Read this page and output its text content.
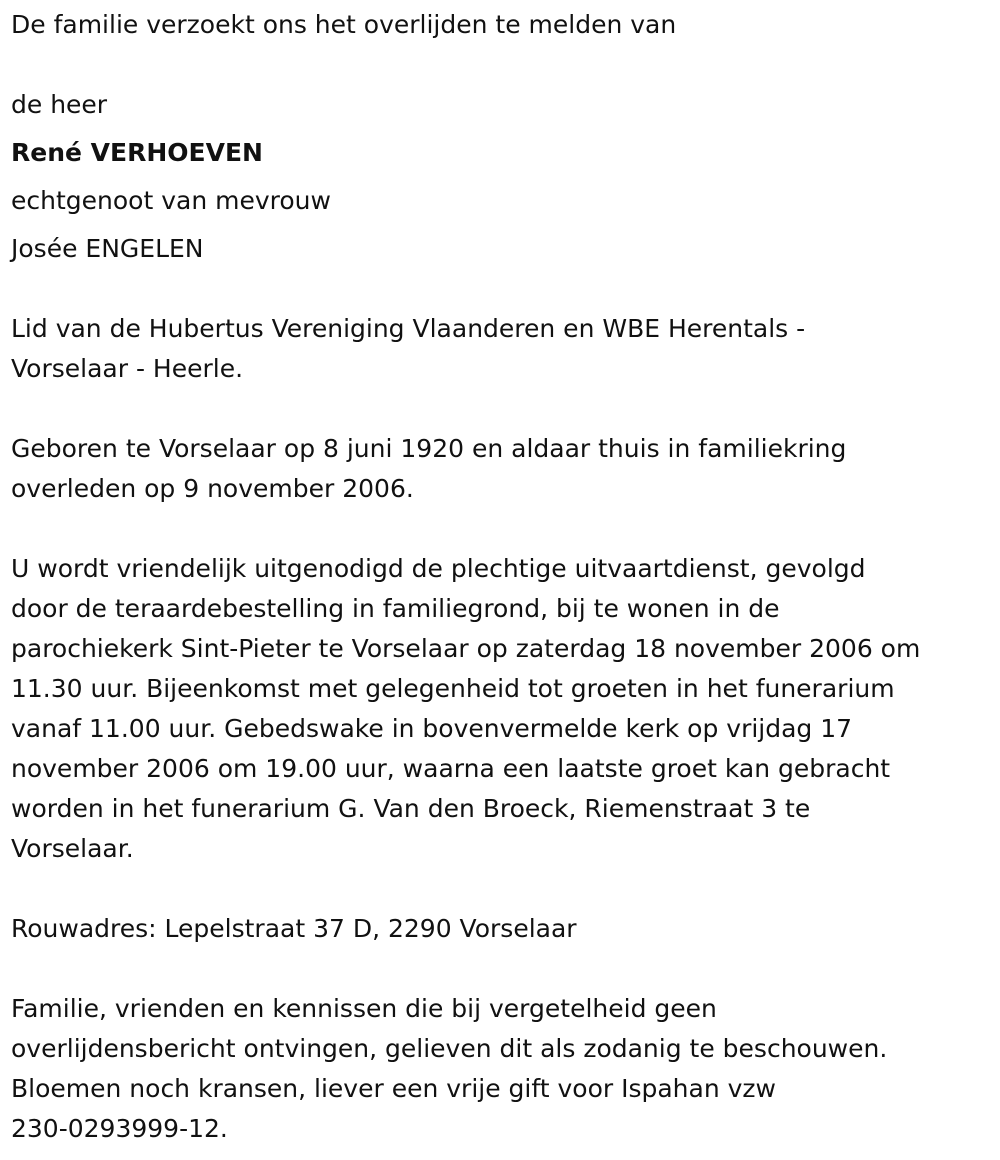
De familie verzoekt ons het overlijden te melden van
de heer
René VERHOEVEN
echtgenoot van mevrouw
Josée ENGELEN
Lid van de Hubertus Vereniging Vlaanderen en WBE Herentals -
Vorselaar - Heerle.
Geboren te Vorselaar op 8 juni 1920 en aldaar thuis in familiekring
overleden op 9 november 2006.
U wordt vriendelijk uitgenodigd de plechtige uitvaartdienst, gevolgd
door de teraardebestelling in familiegrond, bij te wonen in de
parochiekerk Sint-Pieter te Vorselaar op zaterdag 18 november 2006 om
11.30 uur. Bijeenkomst met gelegenheid tot groeten in het funerarium
vanaf 11.00 uur. Gebedswake in bovenvermelde kerk op vrijdag 17
november 2006 om 19.00 uur, waarna een laatste groet kan gebracht
worden in het funerarium G. Van den Broeck, Riemenstraat 3 te
Vorselaar.
Rouwadres: Lepelstraat 37 D, 2290 Vorselaar
Familie, vrienden en kennissen die bij vergetelheid geen
overlijdensbericht ontvingen, gelieven dit als zodanig te beschouwen.
Bloemen noch kransen, liever een vrije gift voor Ispahan vzw
230-0293999-12.
